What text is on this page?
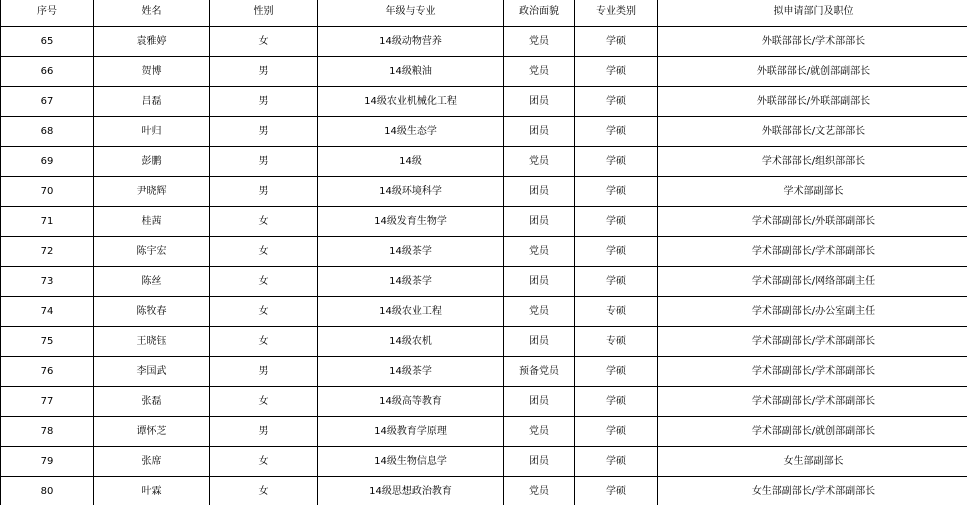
序号	姓名	性别	年级与专业	政治面貌	专业类别	拟申请部门及职位
65	袁雅婷	女	14级动物营养	党员	学硕	外联部部长/学术部部长
66	贺博	男	14级粮油	党员	学硕	外联部部长/就创部副部长
67	吕磊	男	14级农业机械化工程	团员	学硕	外联部部长/外联部副部长
68	叶归	男	14级生态学	团员	学硕	外联部部长/文艺部部长
69	彭鹏	男	14级	党员	学硕	学术部部长/组织部部长
70	尹晓辉	男	14级环境科学	团员	学硕	学术部副部长
71	桂茜	女	14级发育生物学	团员	学硕	学术部副部长/外联部副部长
72	陈宇宏	女	14级茶学	党员	学硕	学术部副部长/学术部副部长
73	陈丝	女	14级茶学	团员	学硕	学术部副部长/网络部副主任
74	陈牧春	女	14级农业工程	党员	专硕	学术部副部长/办公室副主任
75	王晓钰	女	14级农机	团员	专硕	学术部副部长/学术部副部长
76	李国武	男	14级茶学	预备党员	学硕	学术部副部长/学术部副部长
77	张磊	女	14级高等教育	团员	学硕	学术部副部长/学术部副部长
78	谭怀芝	男	14级教育学原理	党员	学硕	学术部副部长/就创部副部长
79	张席	女	14级生物信息学	团员	学硕	女生部副部长
80	叶霖	女	14级思想政治教育	党员	学硕	女生部副部长/学术部副部长
